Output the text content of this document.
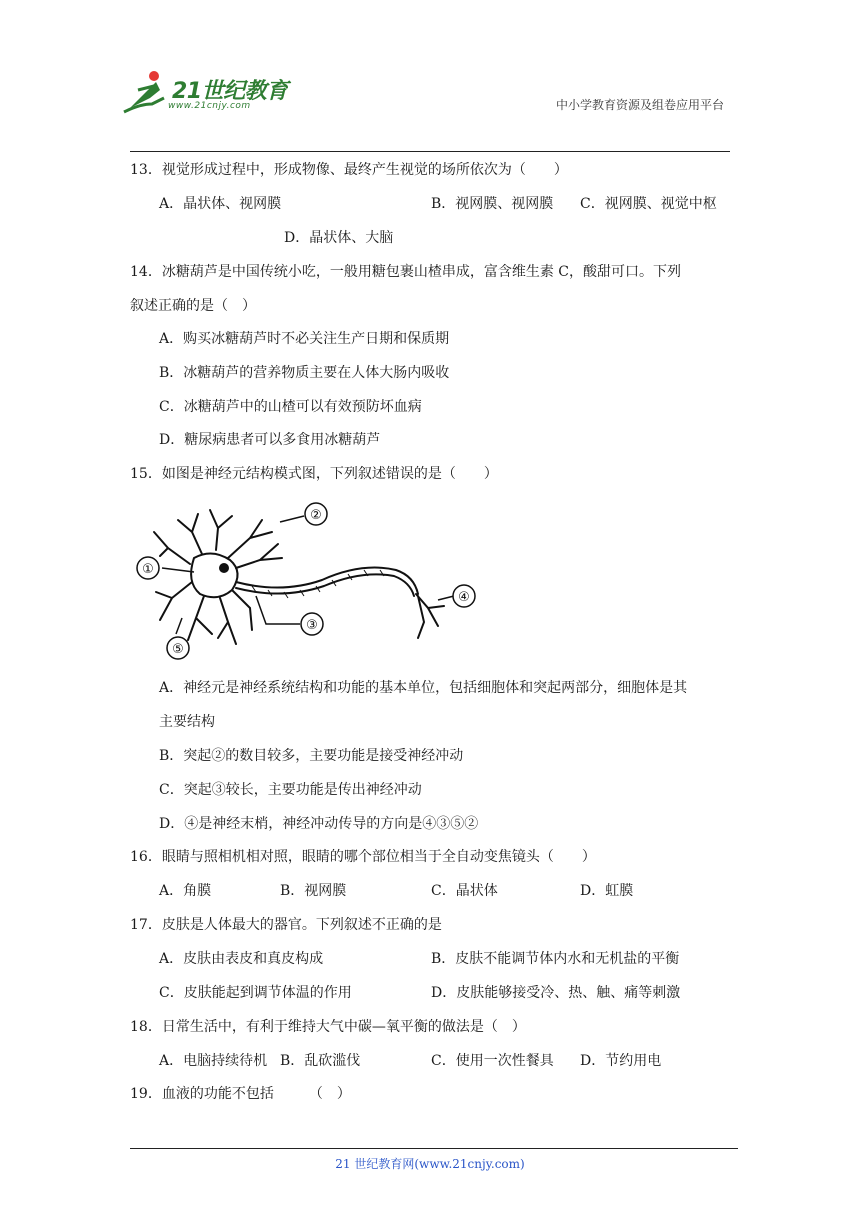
21世纪教育
www.21cnjy.com	中小学教育资源及组卷应用平台
13．视觉形成过程中，形成物像、最终产生视觉的场所依次为（　　）
A．晶状体、视网膜	B．视网膜、视网膜 C．视网膜、视觉中枢
D．晶状体、大脑
14．冰糖葫芦是中国传统小吃，一般用糖包裹山楂串成，富含维生素 C，酸甜可口。下列
叙述正确的是（　）
A．购买冰糖葫芦时不必关注生产日期和保质期
B．冰糖葫芦的营养物质主要在人体大肠内吸收
C．冰糖葫芦中的山楂可以有效预防坏血病
D．糖尿病患者可以多食用冰糖葫芦
15．如图是神经元结构模式图，下列叙述错误的是（　　）
①
②
③
④
⑤
A．神经元是神经系统结构和功能的基本单位，包括细胞体和突起两部分，细胞体是其
主要结构
B．突起②的数目较多，主要功能是接受神经冲动
C．突起③较长，主要功能是传出神经冲动
D．④是神经末梢，神经冲动传导的方向是④③⑤②
16．眼睛与照相机相对照，眼睛的哪个部位相当于全自动变焦镜头（　　）
A．角膜	B．视网膜	C．晶状体	D．虹膜
17．皮肤是人体最大的器官。下列叙述不正确的是
A．皮肤由表皮和真皮构成	B．皮肤不能调节体内水和无机盐的平衡
C．皮肤能起到调节体温的作用	D．皮肤能够接受冷、热、触、痛等刺激
18．日常生活中，有利于维持大气中碳—氧平衡的做法是（　）
A．电脑持续待机 B．乱砍滥伐	C．使用一次性餐具 D．节约用电
19．血液的功能不包括　　　（　）
21 世纪教育网(www.21cnjy.com)
